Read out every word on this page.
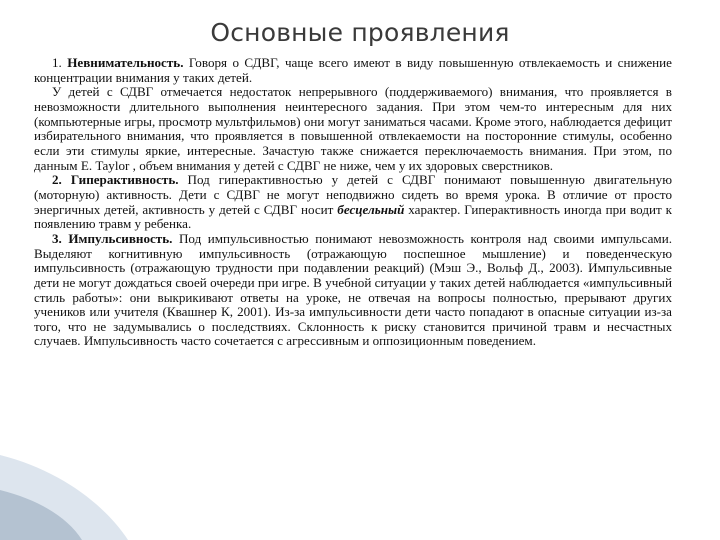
Основные проявления

1. Невнимательность. Говоря о СДВГ, чаще всего имеют в виду повышенную отвлекаемость и снижение концентрации внимания у таких детей.

У детей с СДВГ отмечается недостаток непрерывного (поддерживаемого) внимания, что проявляется в невозможности длительного выполнения неинтересного задания. При этом чем-то интересным для них (компьютерные игры, просмотр мультфильмов) они могут заниматься часами. Кроме этого, наблюдается дефицит избирательного внимания, что проявляется в повышенной отвлекаемости на посторонние стимулы, особенно если эти стимулы яркие, интересные. Зачастую также снижается переключаемость внимания. При этом, по данным Е. Taylor , объем внимания у детей с СДВГ не ниже, чем у их здоровых сверстников.

2. Гиперактивность. Под гиперактивностью у детей с СДВГ понимают повышенную двигательную (моторную) активность. Дети с СДВГ не могут неподвижно сидеть во время урока. В отличие от просто энергичных детей, активность у детей с СДВГ носит бесцельный характер. Гиперактивность иногда при водит к появлению травм у ребенка.

3. Импульсивность. Под импульсивностью понимают невозможность контроля над своими импульсами. Выделяют когнитивную импульсивность (отражающую поспешное мышление) и поведенческую импульсивность (отражающую трудности при подавлении реакций) (Мэш Э., Вольф Д., 2003). Импульсивные дети не могут дождаться своей очереди при игре. В учебной ситуации у таких детей наблюдается «импульсивный стиль работы»: они выкрикивают ответы на уроке, не отвечая на вопросы полностью, прерывают других учеников или учителя (Квашнер К, 2001). Из-за импульсивности дети часто попадают в опасные ситуации из-за того, что не задумывались о последствиях. Склонность к риску становится причиной травм и несчастных случаев. Импульсивность часто сочетается с агрессивным и оппозиционным поведением.
